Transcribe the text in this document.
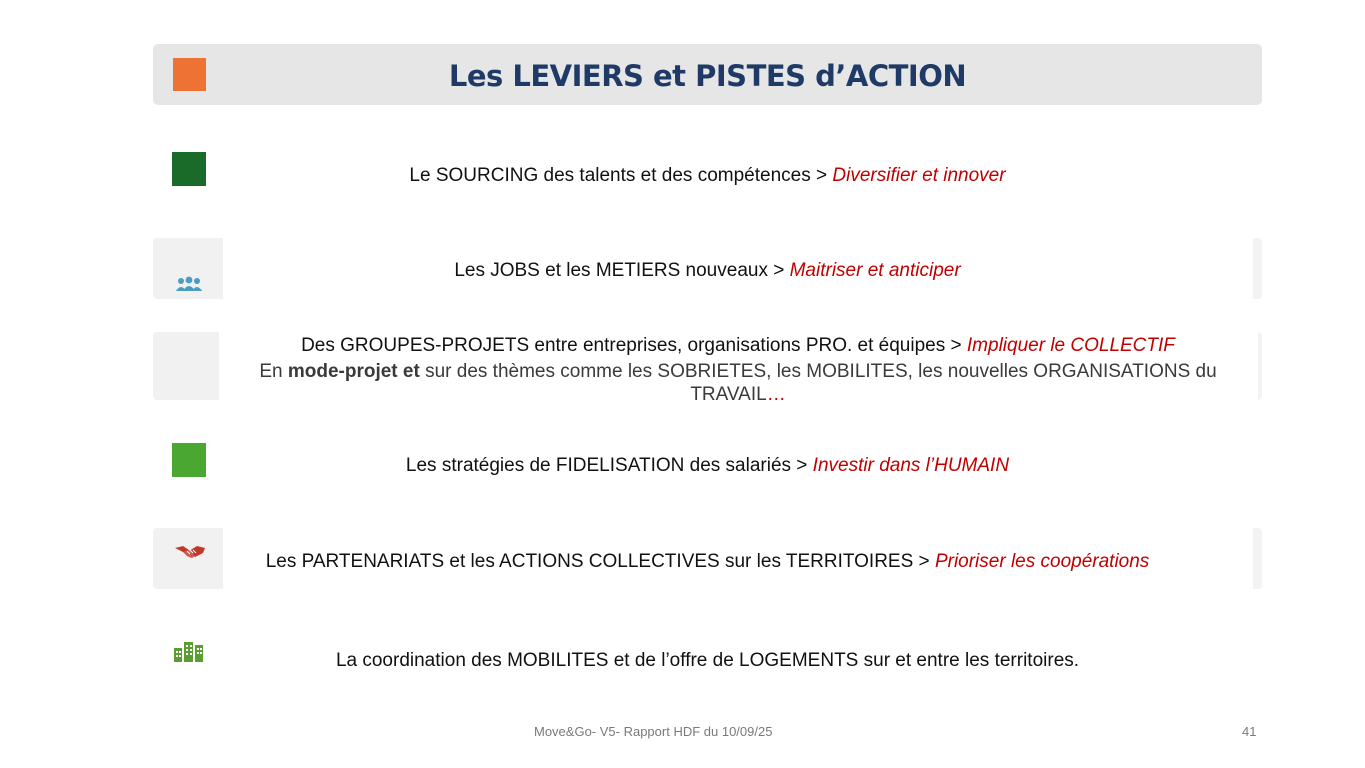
Les LEVIERS et PISTES d’ACTION
Le SOURCING des talents et des compétences > Diversifier et innover
Les JOBS et les METIERS nouveaux > Maitriser et anticiper
Des GROUPES-PROJETS entre entreprises, organisations PRO. et équipes > Impliquer le COLLECTIF
En mode-projet et sur des thèmes comme les SOBRIETES, les MOBILITES, les nouvelles ORGANISATIONS du TRAVAIL…
Les stratégies de FIDELISATION des salariés > Investir dans l’HUMAIN
Les PARTENARIATS et les ACTIONS COLLECTIVES sur les TERRITOIRES > Prioriser les coopérations
La coordination des MOBILITES et de l’offre de LOGEMENTS sur et entre les territoires.
Move&Go- V5- Rapport HDF du 10/09/25	41
